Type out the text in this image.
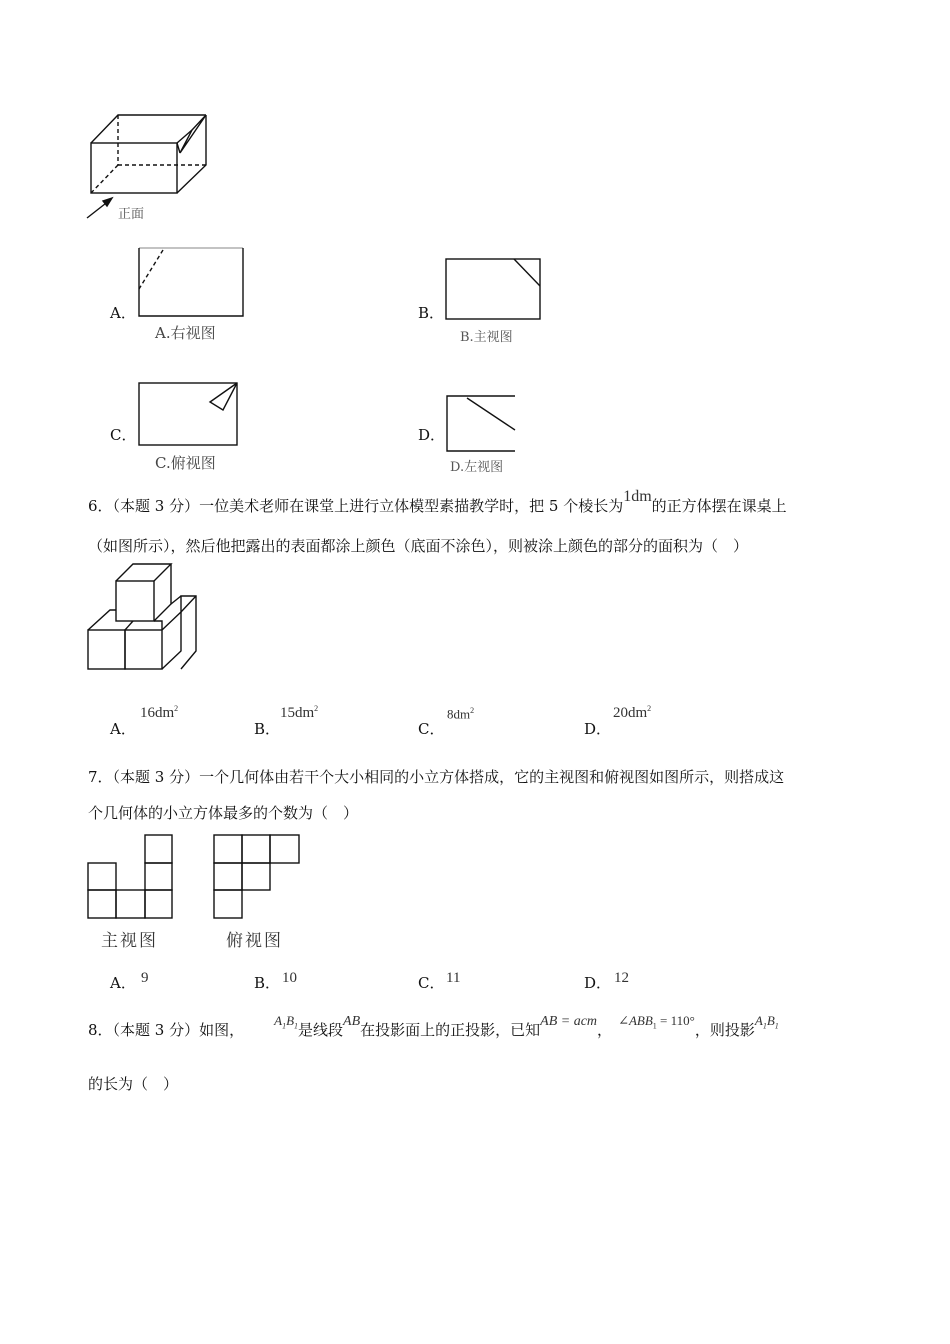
正面
A．
A.右视图
B．
B.主视图
C．
C.俯视图
D．
D.左视图
6．（本题 3 分）一位美术老师在课堂上进行立体模型素描教学时，把 5 个棱长为1dm的正方体摆在课桌上
（如图所示），然后他把露出的表面都涂上颜色（底面不涂色），则被涂上颜色的部分的面积为（　）
A．
$16dm^2$
B．
$15dm^2$
C．
$8dm^2$
D．
$20dm^2$
7．（本题 3 分）一个几何体由若干个大小相同的小立方体搭成，它的主视图和俯视图如图所示，则搭成这
个几何体的小立方体最多的个数为（　）
主视图	俯视图
A． 9	B． 10	C． 11	D． 12
8．（本题 3 分）如图，$A_1B_1$是线段AB在投影面上的正投影，已知AB = acm，$\angle ABB_1 = 110^\circ$，则投影$A_1B_1$
的长为（　）
